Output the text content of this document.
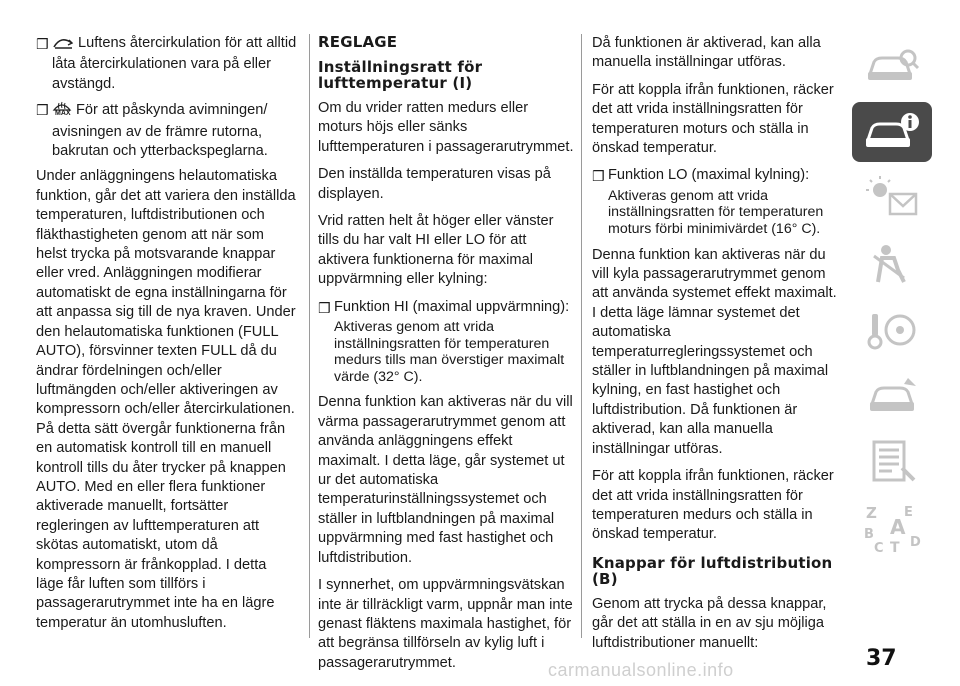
❒ Luftens återcirkulation för att alltid låta återcirkulationen vara på eller avstängd.
❒ MAX För att påskynda avimningen/ avisningen av de främre rutorna, bakrutan och ytterbackspeglarna.

Under anläggningens helautomatiska funktion, går det att variera den inställda temperaturen, luftdistributionen och fläkthastigheten genom att när som helst trycka på motsvarande knappar eller vred. Anläggningen modifierar automatiskt de egna inställningarna för att anpassa sig till de nya kraven. Under den helautomatiska funktionen (FULL AUTO), försvinner texten FULL då du ändrar fördelningen och/eller luftmängden och/eller aktiveringen av kompressorn och/eller återcirkulationen. På detta sätt övergår funktionerna från en automatisk kontroll till en manuell kontroll tills du åter trycker på knappen AUTO. Med en eller flera funktioner aktiverade manuellt, fortsätter regleringen av lufttemperaturen att skötas automatiskt, utom då kompressorn är frånkopplad. I detta läge får luften som tillförs i passagerarutrymmet inte ha en lägre temperatur än utomhusluften.

REGLAGE
Inställningsratt för lufttemperatur (I)

Om du vrider ratten medurs eller moturs höjs eller sänks lufttemperaturen i passagerarutrymmet.

Den inställda temperaturen visas på displayen.

Vrid ratten helt åt höger eller vänster tills du har valt HI eller LO för att aktivera funktionerna för maximal uppvärmning eller kylning:

❒ Funktion HI (maximal uppvärmning):
Aktiveras genom att vrida inställningsratten för temperaturen medurs tills man överstiger maximalt värde (32° C).

Denna funktion kan aktiveras när du vill värma passagerarutrymmet genom att använda anläggningens effekt maximalt. I detta läge, går systemet ut ur det automatiska temperaturinställningssystemet och ställer in luftblandningen på maximal uppvärmning med fast hastighet och luftdistribution.

I synnerhet, om uppvärmningsvätskan inte är tillräckligt varm, uppnår man inte genast fläktens maximala hastighet, för att begränsa tillförseln av kylig luft i passagerarutrymmet.

Då funktionen är aktiverad, kan alla manuella inställningar utföras.

För att koppla ifrån funktionen, räcker det att vrida inställningsratten för temperaturen moturs och ställa in önskad temperatur.

❒ Funktion LO (maximal kylning):
Aktiveras genom att vrida inställningsratten för temperaturen moturs förbi minimivärdet (16° C).

Denna funktion kan aktiveras när du vill kyla passagerarutrymmet genom att använda systemet effekt maximalt. I detta läge lämnar systemet det automatiska temperaturregleringssystemet och ställer in luftblandningen på maximal kylning, en fast hastighet och luftdistribution. Då funktionen är aktiverad, kan alla manuella inställningar utföras.

För att koppla ifrån funktionen, räcker det att vrida inställningsratten för temperaturen medurs och ställa in önskad temperatur.

Knappar för luftdistribution (B)

Genom att trycka på dessa knappar, går det att ställa in en av sju möjliga luftdistributioner manuellt:

Z E
B A
C T D
37
carmanualsonline.info
